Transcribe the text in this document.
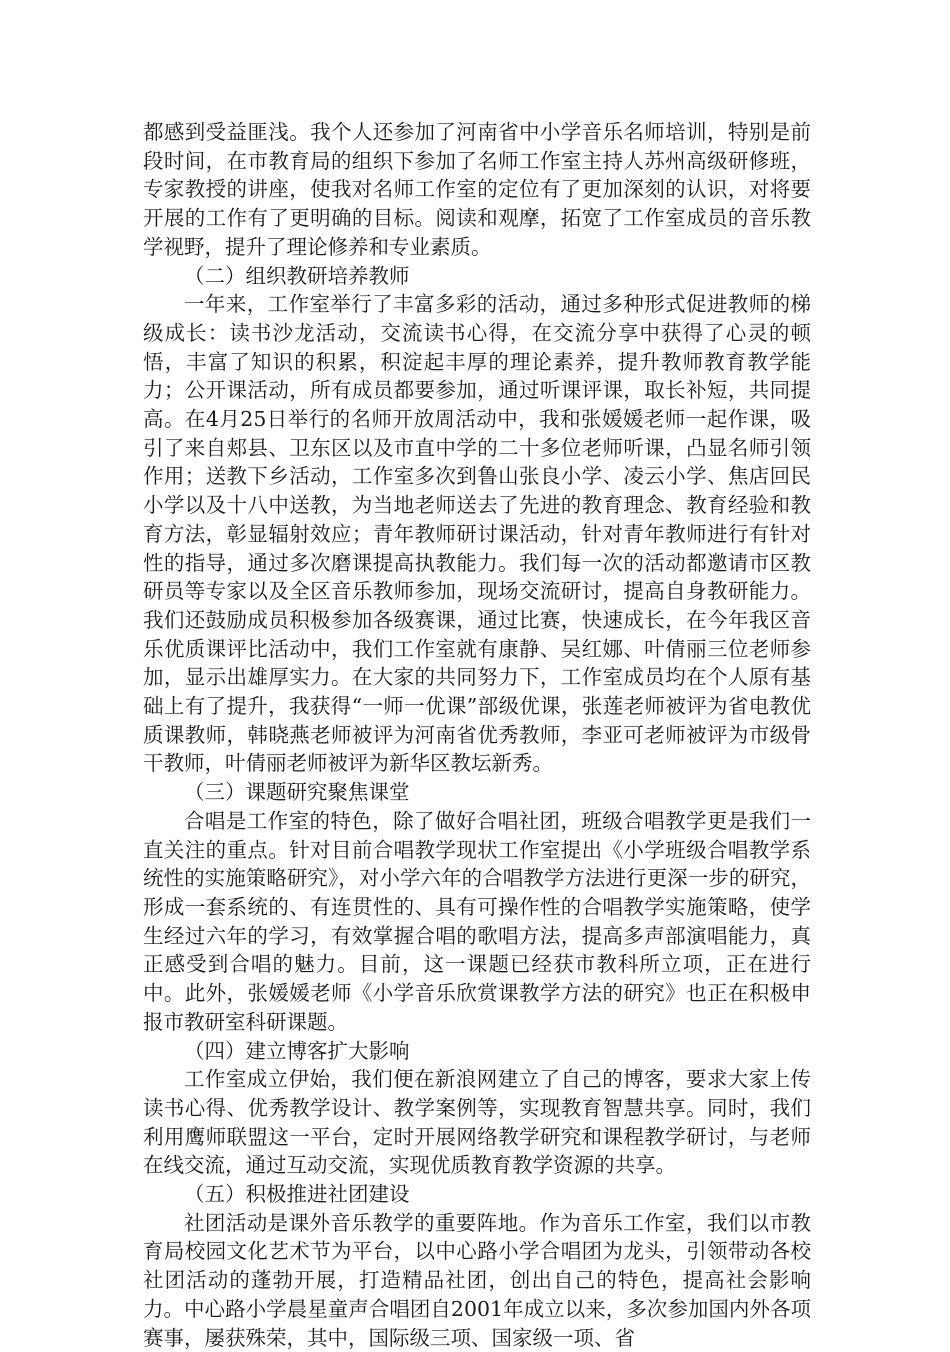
都感到受益匪浅。我个人还参加了河南省中小学音乐名师培训，特别是前段时间，在市教育局的组织下参加了名师工作室主持人苏州高级研修班，专家教授的讲座，使我对名师工作室的定位有了更加深刻的认识，对将要开展的工作有了更明确的目标。阅读和观摩，拓宽了工作室成员的音乐教学视野，提升了理论修养和专业素质。

（二）组织教研培养教师

一年来，工作室举行了丰富多彩的活动，通过多种形式促进教师的梯级成长：读书沙龙活动，交流读书心得，在交流分享中获得了心灵的顿悟，丰富了知识的积累，积淀起丰厚的理论素养，提升教师教育教学能力；公开课活动，所有成员都要参加，通过听课评课，取长补短，共同提高。在4月25日举行的名师开放周活动中，我和张媛媛老师一起作课，吸引了来自郏县、卫东区以及市直中学的二十多位老师听课，凸显名师引领作用；送教下乡活动，工作室多次到鲁山张良小学、凌云小学、焦店回民小学以及十八中送教，为当地老师送去了先进的教育理念、教育经验和教育方法，彰显辐射效应；青年教师研讨课活动，针对青年教师进行有针对性的指导，通过多次磨课提高执教能力。我们每一次的活动都邀请市区教研员等专家以及全区音乐教师参加，现场交流研讨，提高自身教研能力。我们还鼓励成员积极参加各级赛课，通过比赛，快速成长，在今年我区音乐优质课评比活动中，我们工作室就有康静、吴红娜、叶倩丽三位老师参加，显示出雄厚实力。在大家的共同努力下，工作室成员均在个人原有基础上有了提升，我获得“一师一优课”部级优课，张莲老师被评为省电教优质课教师，韩晓燕老师被评为河南省优秀教师，李亚可老师被评为市级骨干教师，叶倩丽老师被评为新华区教坛新秀。

（三）课题研究聚焦课堂

合唱是工作室的特色，除了做好合唱社团，班级合唱教学更是我们一直关注的重点。针对目前合唱教学现状工作室提出《小学班级合唱教学系统性的实施策略研究》，对小学六年的合唱教学方法进行更深一步的研究，形成一套系统的、有连贯性的、具有可操作性的合唱教学实施策略，使学生经过六年的学习，有效掌握合唱的歌唱方法，提高多声部演唱能力，真正感受到合唱的魅力。目前，这一课题已经获市教科所立项，正在进行中。此外，张媛媛老师《小学音乐欣赏课教学方法的研究》也正在积极申报市教研室科研课题。

（四）建立博客扩大影响

工作室成立伊始，我们便在新浪网建立了自己的博客，要求大家上传读书心得、优秀教学设计、教学案例等，实现教育智慧共享。同时，我们利用鹰师联盟这一平台，定时开展网络教学研究和课程教学研讨，与老师在线交流，通过互动交流，实现优质教育教学资源的共享。

（五）积极推进社团建设

社团活动是课外音乐教学的重要阵地。作为音乐工作室，我们以市教育局校园文化艺术节为平台，以中心路小学合唱团为龙头，引领带动各校社团活动的蓬勃开展，打造精品社团，创出自己的特色，提高社会影响力。中心路小学晨星童声合唱团自2001年成立以来，多次参加国内外各项赛事，屡获殊荣，其中，国际级三项、国家级一项、省
